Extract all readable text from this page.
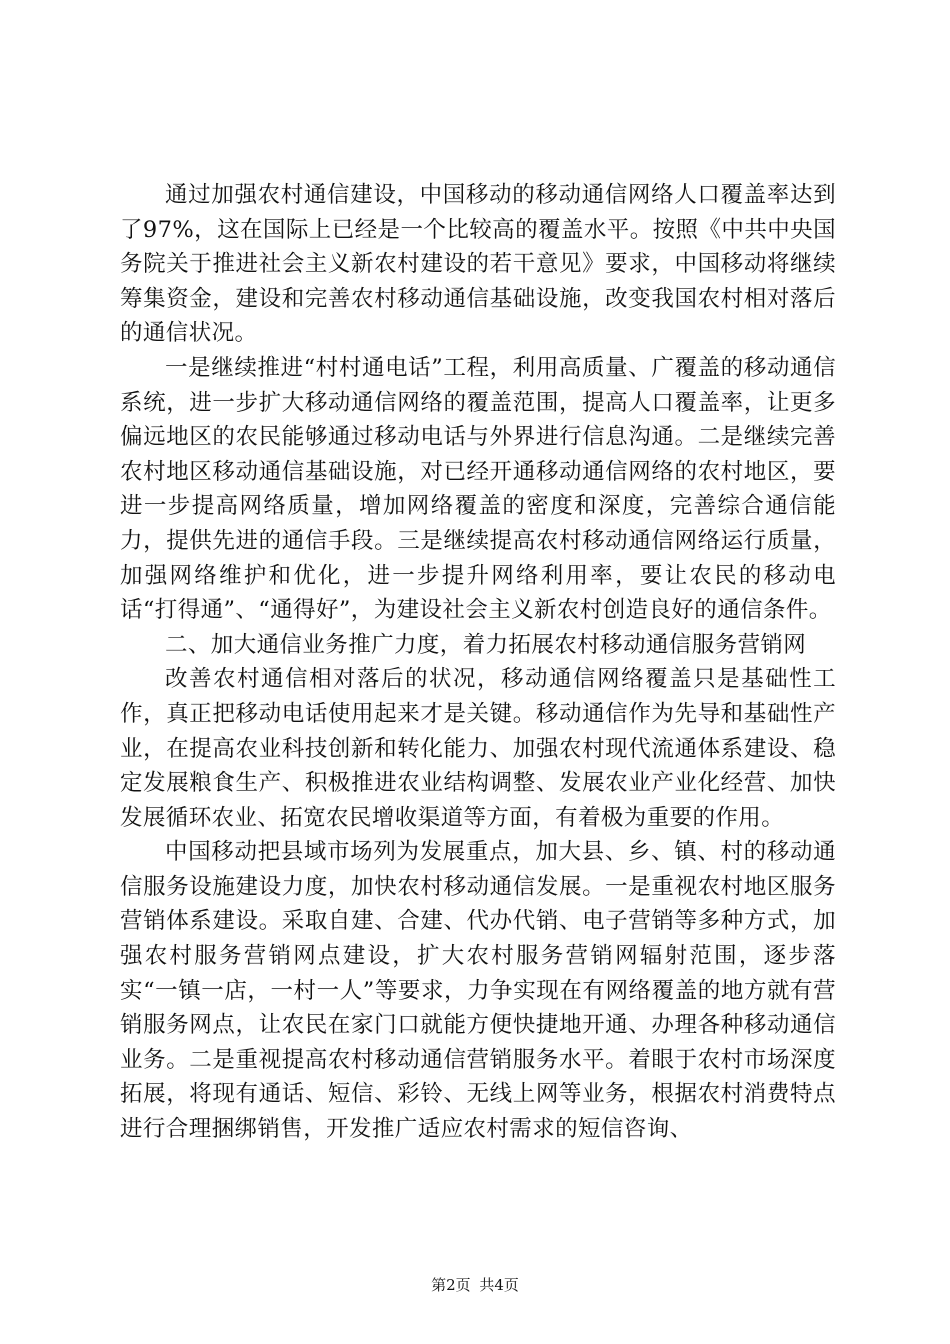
通过加强农村通信建设，中国移动的移动通信网络人口覆盖率达到了97%，这在国际上已经是一个比较高的覆盖水平。按照《中共中央国务院关于推进社会主义新农村建设的若干意见》要求，中国移动将继续筹集资金，建设和完善农村移动通信基础设施，改变我国农村相对落后的通信状况。

一是继续推进“村村通电话”工程，利用高质量、广覆盖的移动通信系统，进一步扩大移动通信网络的覆盖范围，提高人口覆盖率，让更多偏远地区的农民能够通过移动电话与外界进行信息沟通。二是继续完善农村地区移动通信基础设施，对已经开通移动通信网络的农村地区，要进一步提高网络质量，增加网络覆盖的密度和深度，完善综合通信能力，提供先进的通信手段。三是继续提高农村移动通信网络运行质量，加强网络维护和优化，进一步提升网络利用率，要让农民的移动电话“打得通”、“通得好”，为建设社会主义新农村创造良好的通信条件。

二、加大通信业务推广力度，着力拓展农村移动通信服务营销网

改善农村通信相对落后的状况，移动通信网络覆盖只是基础性工作，真正把移动电话使用起来才是关键。移动通信作为先导和基础性产业，在提高农业科技创新和转化能力、加强农村现代流通体系建设、稳定发展粮食生产、积极推进农业结构调整、发展农业产业化经营、加快发展循环农业、拓宽农民增收渠道等方面，有着极为重要的作用。

中国移动把县域市场列为发展重点，加大县、乡、镇、村的移动通信服务设施建设力度，加快农村移动通信发展。一是重视农村地区服务营销体系建设。采取自建、合建、代办代销、电子营销等多种方式，加强农村服务营销网点建设，扩大农村服务营销网辐射范围，逐步落实“一镇一店，一村一人”等要求，力争实现在有网络覆盖的地方就有营销服务网点，让农民在家门口就能方便快捷地开通、办理各种移动通信业务。二是重视提高农村移动通信营销服务水平。着眼于农村市场深度拓展，将现有通话、短信、彩铃、无线上网等业务，根据农村消费特点进行合理捆绑销售，开发推广适应农村需求的短信咨询、

第2页 共4页
